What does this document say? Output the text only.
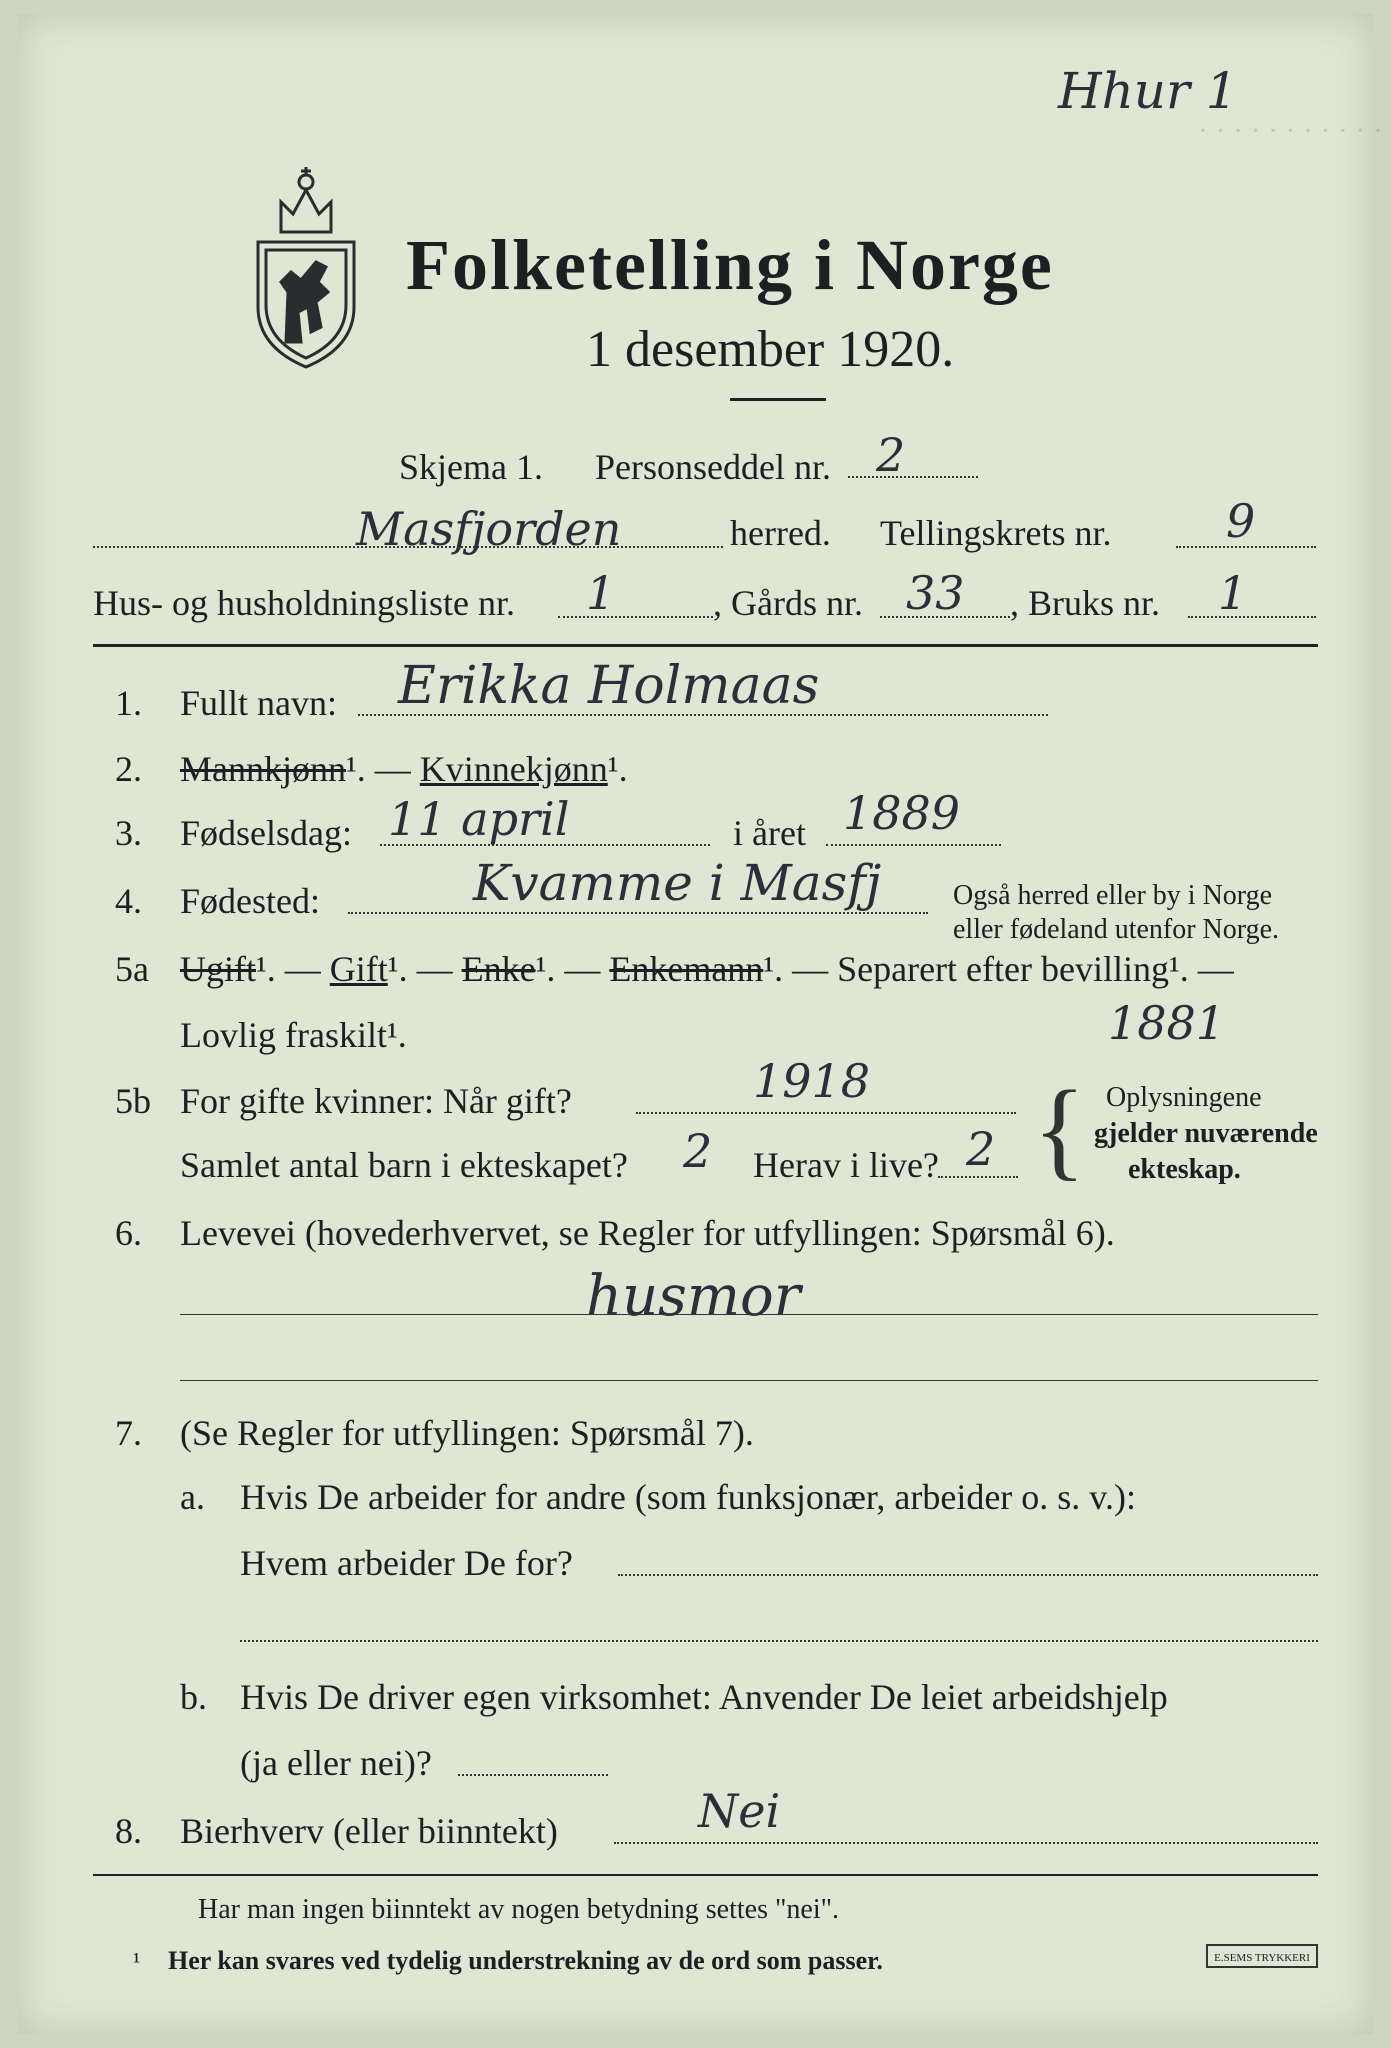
· · · · · · · · · · ·
Hhur 1
Folketelling i Norge
1 desember 1920.
Skjema 1. Personseddel nr. 2
Masfjorden	herred. Tellingskrets nr. 9
Hus- og husholdningsliste nr. 1	, Gårds nr. 33 , Bruks nr. 1
1. Fullt navn: Erikka Holmaas
2. Mannkjønn¹. — Kvinnekjønn¹.
3. Fødselsdag: 11 april	i året 1889
4. Fødested:	Kvamme i Masfj	Også herred eller by i Norge
eller fødeland utenfor Norge.
5a Ugift¹. — Gift¹. — Enke¹. — Enkemann¹. — Separert efter bevilling¹. —
Lovlig fraskilt¹.	1881
5b For gifte kvinner: Når gift?	1918
Samlet antal barn i ekteskapet? 2 Herav i live? 2 { Oplysningene
gjelder nuværende
ekteskap.
6. Levevei (hovederhvervet, se Regler for utfyllingen: Spørsmål 6).
husmor
7. (Se Regler for utfyllingen: Spørsmål 7).
a. Hvis De arbeider for andre (som funksjonær, arbeider o. s. v.):
Hvem arbeider De for?
b. Hvis De driver egen virksomhet: Anvender De leiet arbeidshjelp
(ja eller nei)?
8. Bierhverv (eller biinntekt)	Nei
Har man ingen biinntekt av nogen betydning settes "nei".
¹ Her kan svares ved tydelig understrekning av de ord som passer.	E.SEMS TRYKKERI
